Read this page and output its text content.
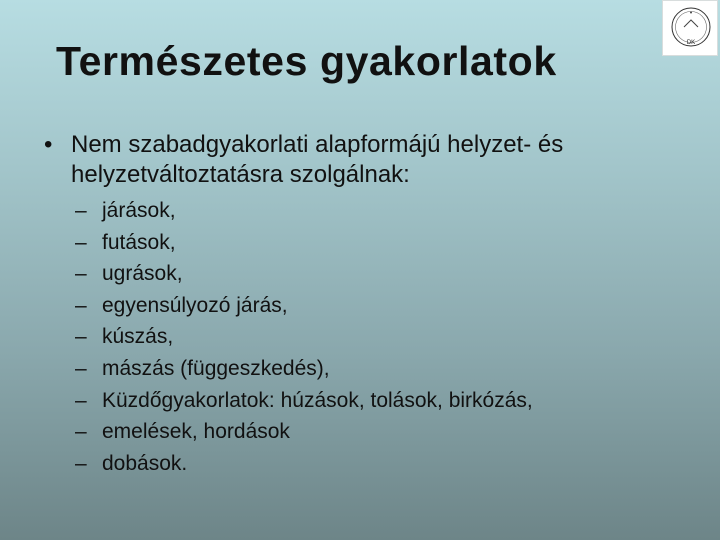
DK
Természetes gyakorlatok
• Nem szabadgyakorlati alapformájú helyzet- és helyzetváltoztatásra szolgálnak:
– járások,
– futások,
– ugrások,
– egyensúlyozó járás,
– kúszás,
– mászás (függeszkedés),
– Küzdőgyakorlatok: húzások, tolások, birkózás,
– emelések, hordások
– dobások.
